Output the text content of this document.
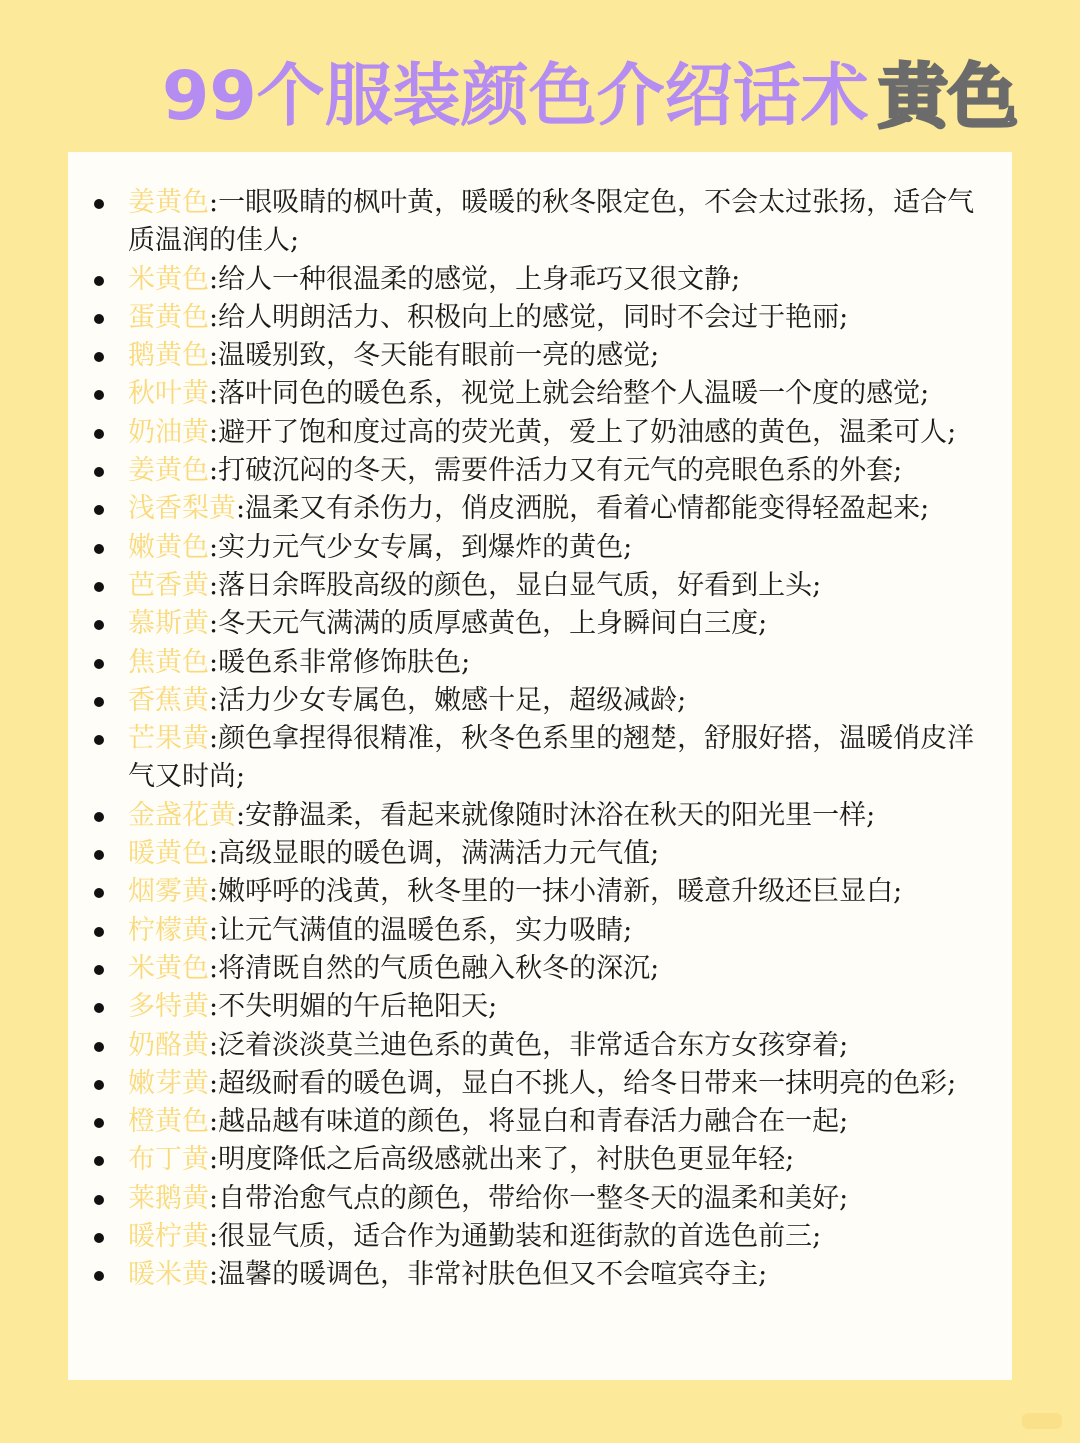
99个服装颜色介绍话术 黄色
姜黄色:一眼吸睛的枫叶黄，暖暖的秋冬限定色，不会太过张扬，适合气质温润的佳人;
米黄色:给人一种很温柔的感觉，上身乖巧又很文静;
蛋黄色:给人明朗活力、积极向上的感觉，同时不会过于艳丽;
鹅黄色:温暖别致，冬天能有眼前一亮的感觉;
秋叶黄:落叶同色的暖色系，视觉上就会给整个人温暖一个度的感觉;
奶油黄:避开了饱和度过高的荧光黄，爱上了奶油感的黄色，温柔可人;
姜黄色:打破沉闷的冬天，需要件活力又有元气的亮眼色系的外套;
浅香梨黄:温柔又有杀伤力，俏皮洒脱，看着心情都能变得轻盈起来;
嫩黄色:实力元气少女专属，到爆炸的黄色;
芭香黄:落日余晖股高级的颜色，显白显气质，好看到上头;
慕斯黄:冬天元气满满的质厚感黄色，上身瞬间白三度;
焦黄色:暖色系非常修饰肤色;
香蕉黄:活力少女专属色，嫩感十足，超级减龄;
芒果黄:颜色拿捏得很精准，秋冬色系里的翘楚，舒服好搭，温暖俏皮洋气又时尚;
金盏花黄:安静温柔，看起来就像随时沐浴在秋天的阳光里一样;
暖黄色:高级显眼的暖色调，满满活力元气值;
烟雾黄:嫩呼呼的浅黄，秋冬里的一抹小清新，暖意升级还巨显白;
柠檬黄:让元气满值的温暖色系，实力吸睛;
米黄色:将清既自然的气质色融入秋冬的深沉;
多特黄:不失明媚的午后艳阳天;
奶酪黄:泛着淡淡莫兰迪色系的黄色，非常适合东方女孩穿着;
嫩芽黄:超级耐看的暖色调，显白不挑人，给冬日带来一抹明亮的色彩;
橙黄色:越品越有味道的颜色，将显白和青春活力融合在一起;
布丁黄:明度降低之后高级感就出来了，衬肤色更显年轻;
莱鹅黄:自带治愈气点的颜色，带给你一整冬天的温柔和美好;
暖柠黄:很显气质，适合作为通勤装和逛街款的首选色前三;
暖米黄:温馨的暖调色，非常衬肤色但又不会喧宾夺主;
